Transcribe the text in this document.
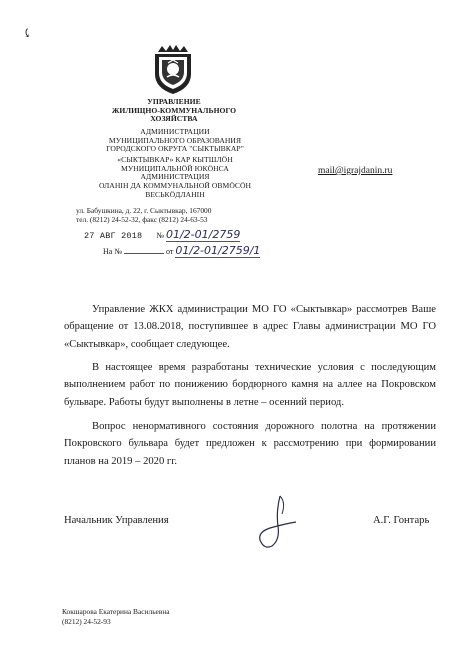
⤹
УПРАВЛЕНИЕ
ЖИЛИЩНО-КОММУНАЛЬНОГО
ХОЗЯЙСТВА
АДМИНИСТРАЦИИ
МУНИЦИПАЛЬНОГО ОБРАЗОВАНИЯ
ГОРОДСКОГО ОКРУГА "СЫКТЫВКАР"
«СЫКТЫВКАР» КАР КЫТШЛӦН
МУНИЦИПАЛЬНӦЙ ЮКӦНСА
АДМИНИСТРАЦИЯ
ОЛАНІН ДА КОММУНАЛЬНОЙ ОВМӦСӦН
ВЕСЬКӦДЛАНІН
mail@igrajdanin.ru
ул. Бабушкина, д. 22, г. Сыктывкар, 167000
тел. (8212) 24-52-32, факс (8212) 24-63-53
27 АВГ 2018 № 01/2-01/2759
На №	от 01/2-01/2759/1
Управление ЖКХ администрации МО ГО «Сыктывкар» рассмотрев Ваше обращение от 13.08.2018, поступившее в адрес Главы администрации МО ГО «Сыктывкар», сообщает следующее.
В настоящее время разработаны технические условия с последующим выполнением работ по понижению бордюрного камня на аллее на Покровском бульваре. Работы будут выполнены в летне – осенний период.
Вопрос ненормативного состояния дорожного полотна на протяжении Покровского бульвара будет предложен к рассмотрению при формировании планов на 2019 – 2020 гг.
Начальник Управления	А.Г. Гонтарь
Кокшарова Екатерина Васильевна
(8212) 24-52-93
